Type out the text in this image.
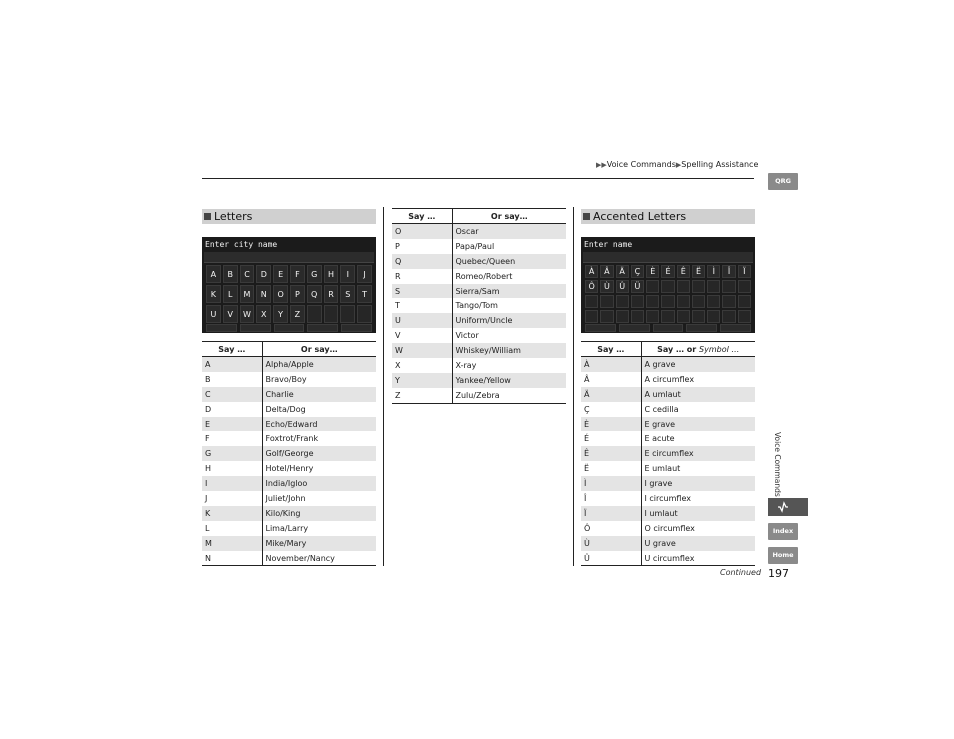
▶▶Voice Commands▶Spelling Assistance
QRG
Voice Commands
Index
Home
Letters
Enter city name
A	B	C	D	E	F	G	H	I	J
K	L	M	N	O	P	Q	R	S	T
U	V	W	X	Y	Z
Say …	Or say…
A	Alpha/Apple
B	Bravo/Boy
C	Charlie
D	Delta/Dog
E	Echo/Edward
F	Foxtrot/Frank
G	Golf/George
H	Hotel/Henry
I	India/Igloo
J	Juliet/John
K	Kilo/King
L	Lima/Larry
M	Mike/Mary
N	November/Nancy
Say …	Or say…
O	Oscar
P	Papa/Paul
Q	Quebec/Queen
R	Romeo/Robert
S	Sierra/Sam
T	Tango/Tom
U	Uniform/Uncle
V	Victor
W	Whiskey/William
X	X-ray
Y	Yankee/Yellow
Z	Zulu/Zebra
Accented Letters
Enter name
À	Â	Ä	Ç	È	É	Ê	Ë	Ì	Î	Ï
Ô	Ù	Û	Ü
Say …	Say … or Symbol …
À	A grave
Â	A circumflex
Ä	A umlaut
Ç	C cedilla
È	E grave
É	E acute
Ê	E circumflex
Ë	E umlaut
Ì	I grave
Î	I circumflex
Ï	I umlaut
Ô	O circumflex
Ù	U grave
Û	U circumflex
Continued 197
